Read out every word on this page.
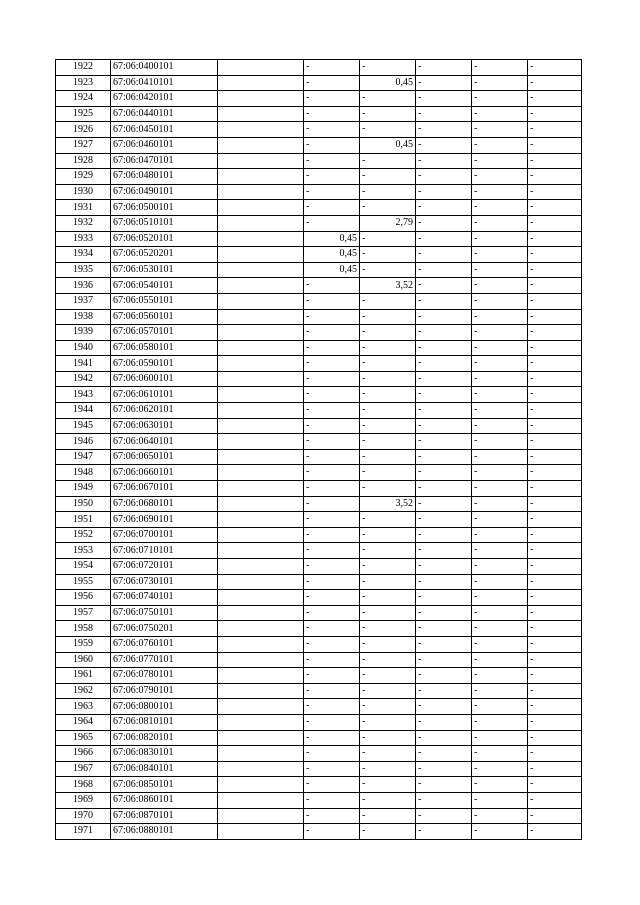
1922	67:06:0400101		-	-	-	-	-

1923	67:06:0410101		-	0,45	-	-	-

1924	67:06:0420101		-	-	-	-	-

1925	67:06:0440101		-	-	-	-	-

1926	67:06:0450101		-	-	-	-	-

1927	67:06:0460101		-	0,45	-	-	-

1928	67:06:0470101		-	-	-	-	-

1929	67:06:0480101		-	-	-	-	-

1930	67:06:0490101		-	-	-	-	-

1931	67:06:0500101		-	-	-	-	-

1932	67:06:0510101		-	2,79	-	-	-

1933	67:06:0520101		0,45	-	-	-	-

1934	67:06:0520201		0,45	-	-	-	-

1935	67:06:0530101		0,45	-	-	-	-

1936	67:06:0540101		-	3,52	-	-	-

1937	67:06:0550101		-	-	-	-	-

1938	67:06:0560101		-	-	-	-	-

1939	67:06:0570101		-	-	-	-	-

1940	67:06:0580101		-	-	-	-	-

1941	67:06:0590101		-	-	-	-	-

1942	67:06:0600101		-	-	-	-	-

1943	67:06:0610101		-	-	-	-	-

1944	67:06:0620101		-	-	-	-	-

1945	67:06:0630101		-	-	-	-	-

1946	67:06:0640101		-	-	-	-	-

1947	67:06:0650101		-	-	-	-	-

1948	67:06:0660101		-	-	-	-	-

1949	67:06:0670101		-	-	-	-	-

1950	67:06:0680101		-	3,52	-	-	-

1951	67:06:0690101		-	-	-	-	-

1952	67:06:0700101		-	-	-	-	-

1953	67:06:0710101		-	-	-	-	-

1954	67:06:0720101		-	-	-	-	-

1955	67:06:0730101		-	-	-	-	-

1956	67:06:0740101		-	-	-	-	-

1957	67:06:0750101		-	-	-	-	-

1958	67:06:0750201		-	-	-	-	-

1959	67:06:0760101		-	-	-	-	-

1960	67:06:0770101		-	-	-	-	-

1961	67:06:0780101		-	-	-	-	-

1962	67:06:0790101		-	-	-	-	-

1963	67:06:0800101		-	-	-	-	-

1964	67:06:0810101		-	-	-	-	-

1965	67:06:0820101		-	-	-	-	-

1966	67:06:0830101		-	-	-	-	-

1967	67:06:0840101		-	-	-	-	-

1968	67:06:0850101		-	-	-	-	-

1969	67:06:0860101		-	-	-	-	-

1970	67:06:0870101		-	-	-	-	-

1971	67:06:0880101		-	-	-	-	-
